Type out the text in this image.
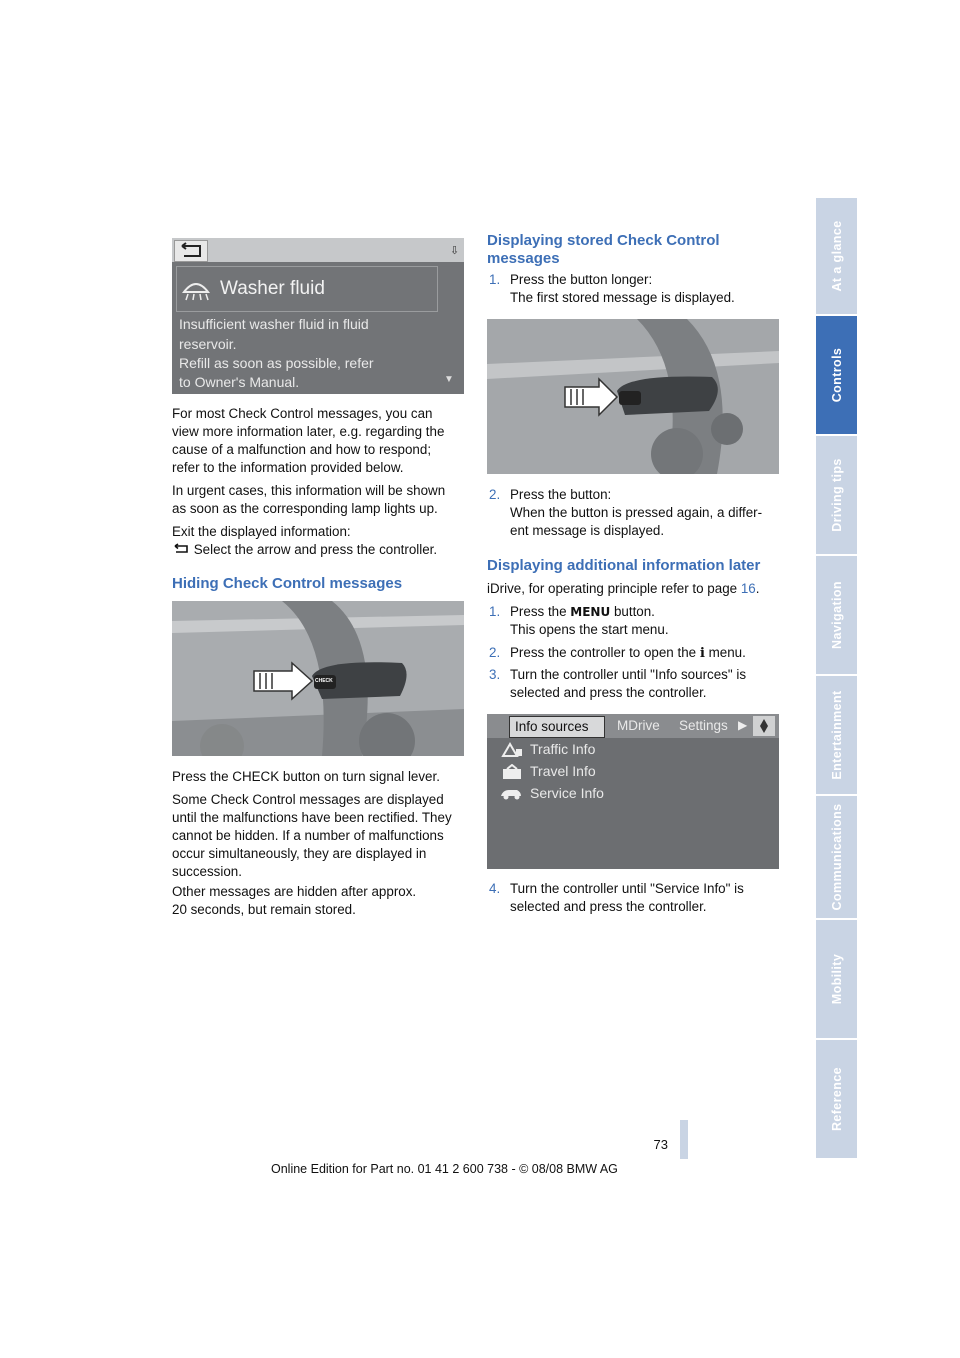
At a glance
Controls
Driving tips
Navigation
Entertainment
Communications
Mobility
Reference
⇩
Washer fluid
Insufficient washer fluid in fluid
reservoir.
Refill as soon as possible, refer
to Owner's Manual.	▼

For most Check Control messages, you can
view more information later, e.g. regarding the
cause of a malfunction and how to respond;
refer to the information provided below.

In urgent cases, this information will be shown
as soon as the corresponding lamp lights up.

Exit the displayed information:
Select the arrow and press the controller.

Hiding Check Control messages
CHECK

Press the CHECK button on turn signal lever.

Some Check Control messages are displayed
until the malfunctions have been rectified. They
cannot be hidden. If a number of malfunctions
occur simultaneously, they are displayed in
succession.

Other messages are hidden after approx.
20 seconds, but remain stored.

Displaying stored Check Control
messages
1. Press the button longer:
The first stored message is displayed.
2. Press the button:
When the button is pressed again, a differ-
ent message is displayed.
Displaying additional information later

iDrive, for operating principle refer to page 16.

1. Press the MENU button.
This opens the start menu.
2. Press the controller to open the i menu.
3. Turn the controller until "Info sources" is
selected and press the controller.
Info sources MDrive Settings ▶
Traffic Info
Travel Info
Service Info
4. Turn the controller until "Service Info" is
selected and press the controller.
73
Online Edition for Part no. 01 41 2 600 738 - © 08/08 BMW AG
